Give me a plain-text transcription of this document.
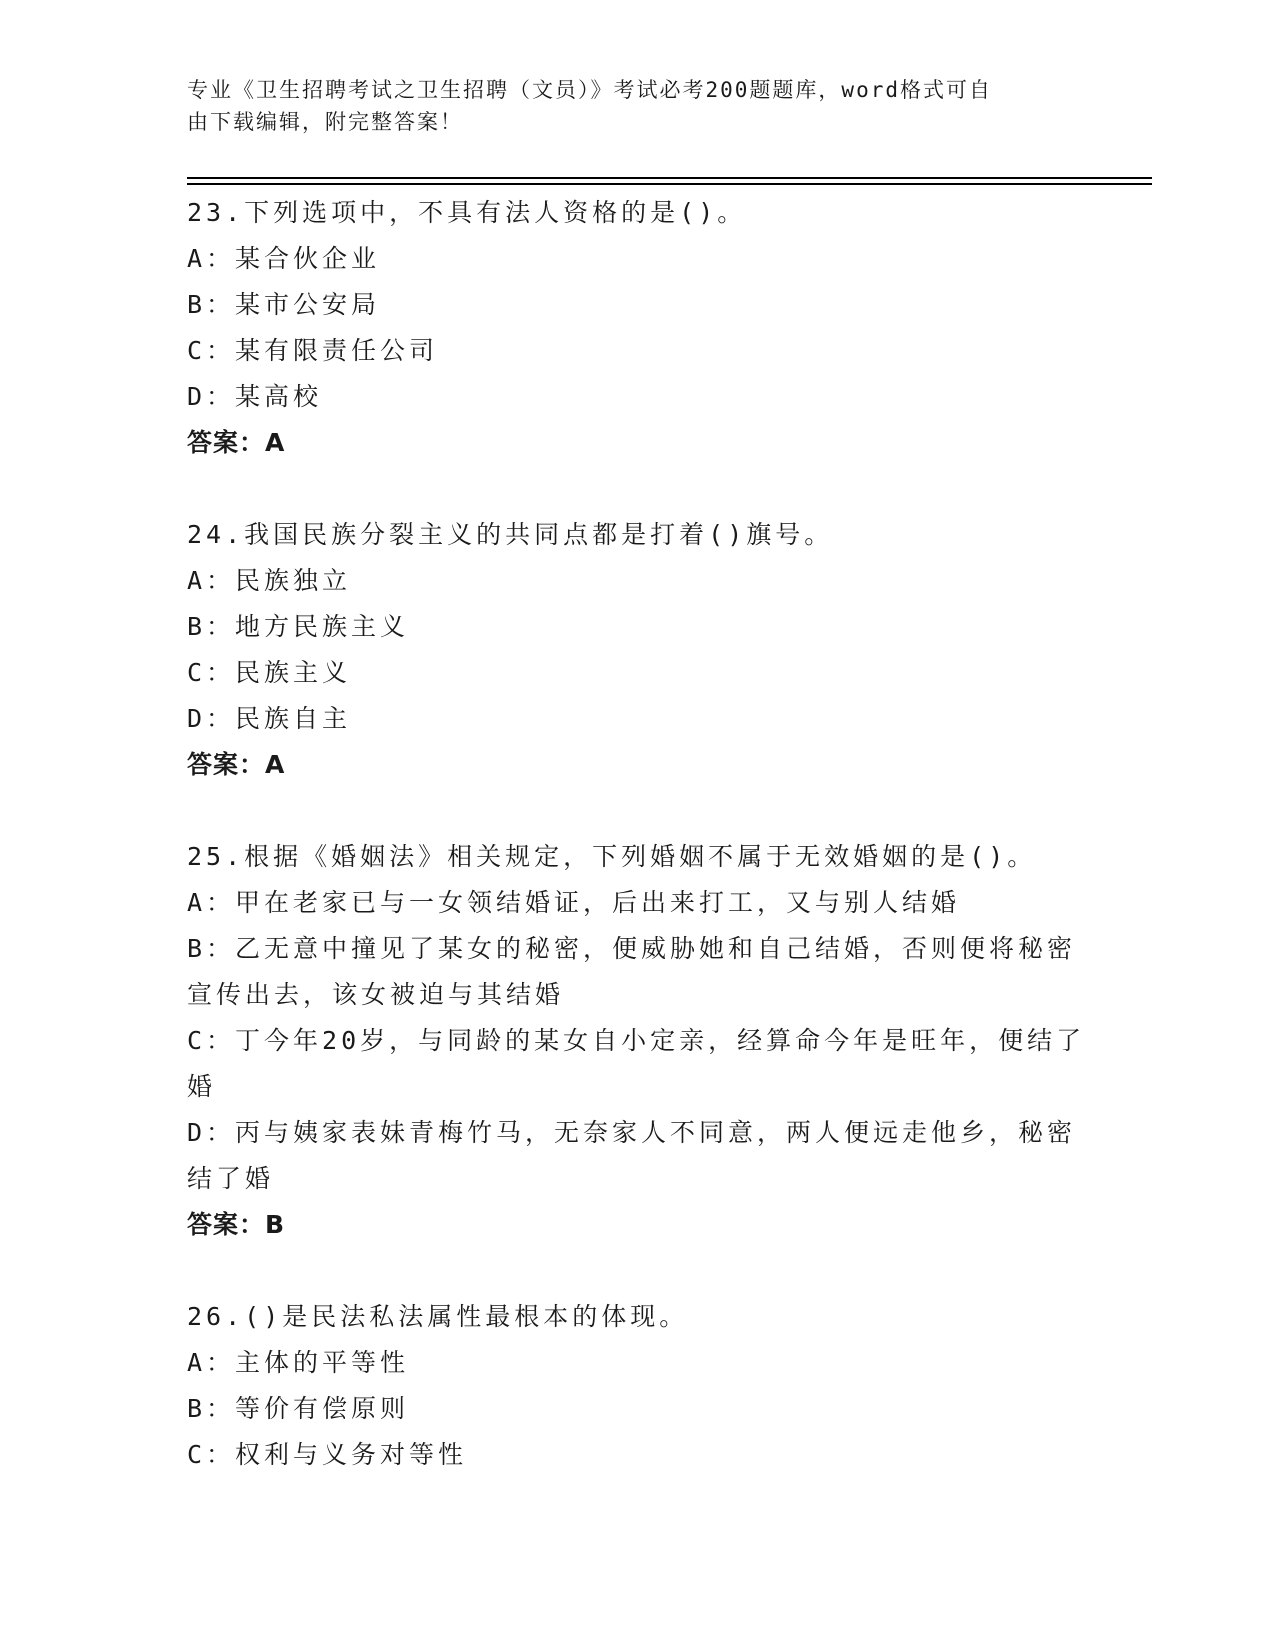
专业《卫生招聘考试之卫生招聘（文员）》考试必考200题题库，word格式可自
由下载编辑，附完整答案！

23.下列选项中，不具有法人资格的是()。

A：某合伙企业

B：某市公安局

C：某有限责任公司

D：某高校

答案：A

24.我国民族分裂主义的共同点都是打着()旗号。

A：民族独立

B：地方民族主义

C：民族主义

D：民族自主

答案：A

25.根据《婚姻法》相关规定，下列婚姻不属于无效婚姻的是()。

A：甲在老家已与一女领结婚证，后出来打工，又与别人结婚

B：乙无意中撞见了某女的秘密，便威胁她和自己结婚，否则便将秘密宣传出去，该女被迫与其结婚

C：丁今年20岁，与同龄的某女自小定亲，经算命今年是旺年，便结了婚

D：丙与姨家表妹青梅竹马，无奈家人不同意，两人便远走他乡，秘密结了婚

答案：B

26.()是民法私法属性最根本的体现。

A：主体的平等性

B：等价有偿原则

C：权利与义务对等性
